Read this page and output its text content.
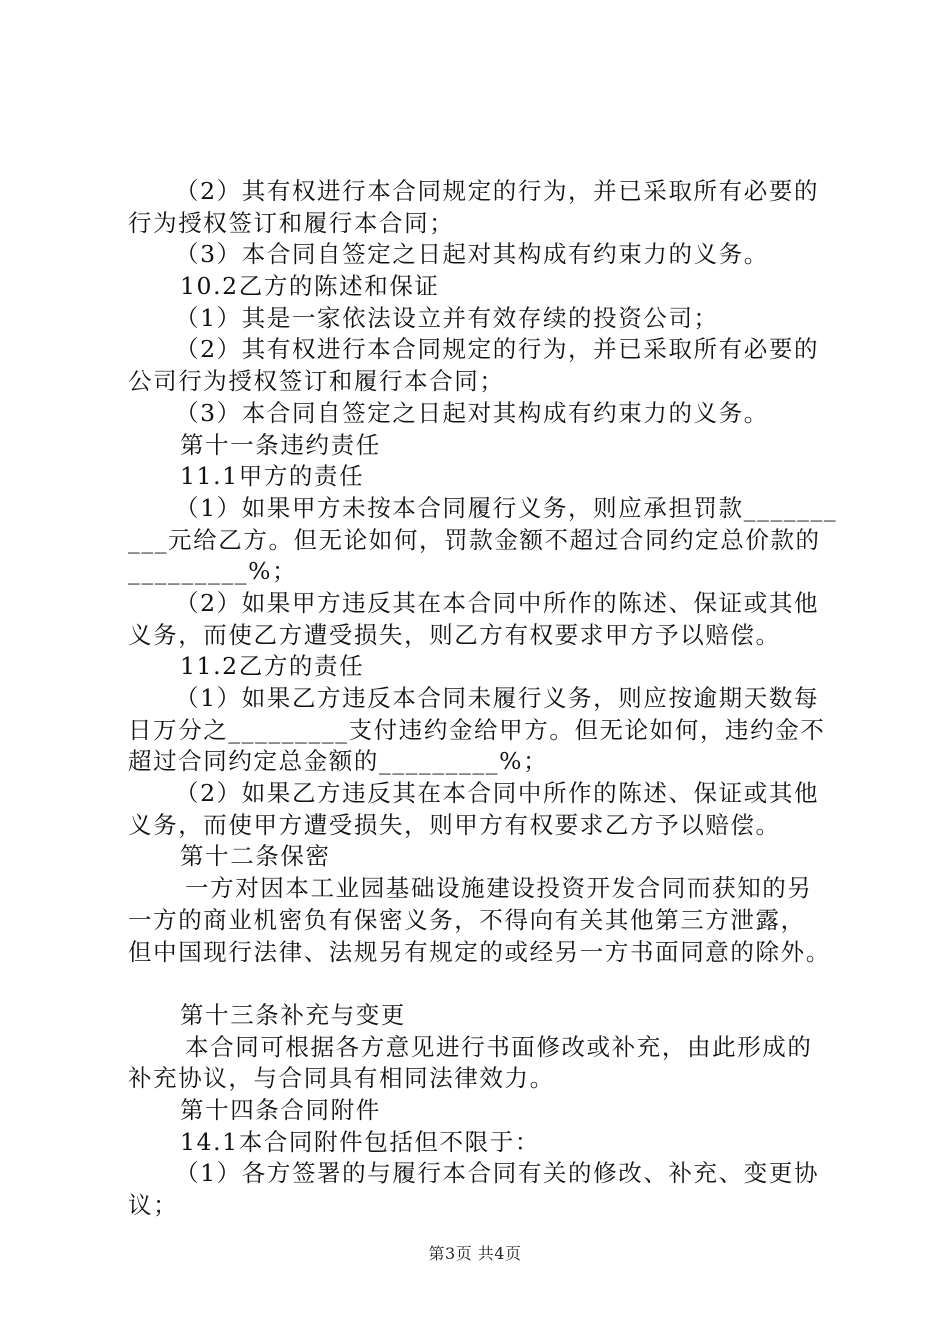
（2）其有权进行本合同规定的行为，并已采取所有必要的
行为授权签订和履行本合同；
（3）本合同自签定之日起对其构成有约束力的义务。
10.2乙方的陈述和保证
（1）其是一家依法设立并有效存续的投资公司；
（2）其有权进行本合同规定的行为，并已采取所有必要的
公司行为授权签订和履行本合同；
（3）本合同自签定之日起对其构成有约束力的义务。
第十一条违约责任
11.1甲方的责任
（1）如果甲方未按本合同履行义务，则应承担罚款_______
___元给乙方。但无论如何，罚款金额不超过合同约定总价款的
_________%；
（2）如果甲方违反其在本合同中所作的陈述、保证或其他
义务，而使乙方遭受损失，则乙方有权要求甲方予以赔偿。
11.2乙方的责任
（1）如果乙方违反本合同未履行义务，则应按逾期天数每
日万分之_________支付违约金给甲方。但无论如何，违约金不
超过合同约定总金额的_________%；
（2）如果乙方违反其在本合同中所作的陈述、保证或其他
义务，而使甲方遭受损失，则甲方有权要求乙方予以赔偿。
第十二条保密
一方对因本工业园基础设施建设投资开发合同而获知的另
一方的商业机密负有保密义务，不得向有关其他第三方泄露，
但中国现行法律、法规另有规定的或经另一方书面同意的除外。
第十三条补充与变更
本合同可根据各方意见进行书面修改或补充，由此形成的
补充协议，与合同具有相同法律效力。
第十四条合同附件
14.1本合同附件包括但不限于：
（1）各方签署的与履行本合同有关的修改、补充、变更协
议；
第3页 共4页
